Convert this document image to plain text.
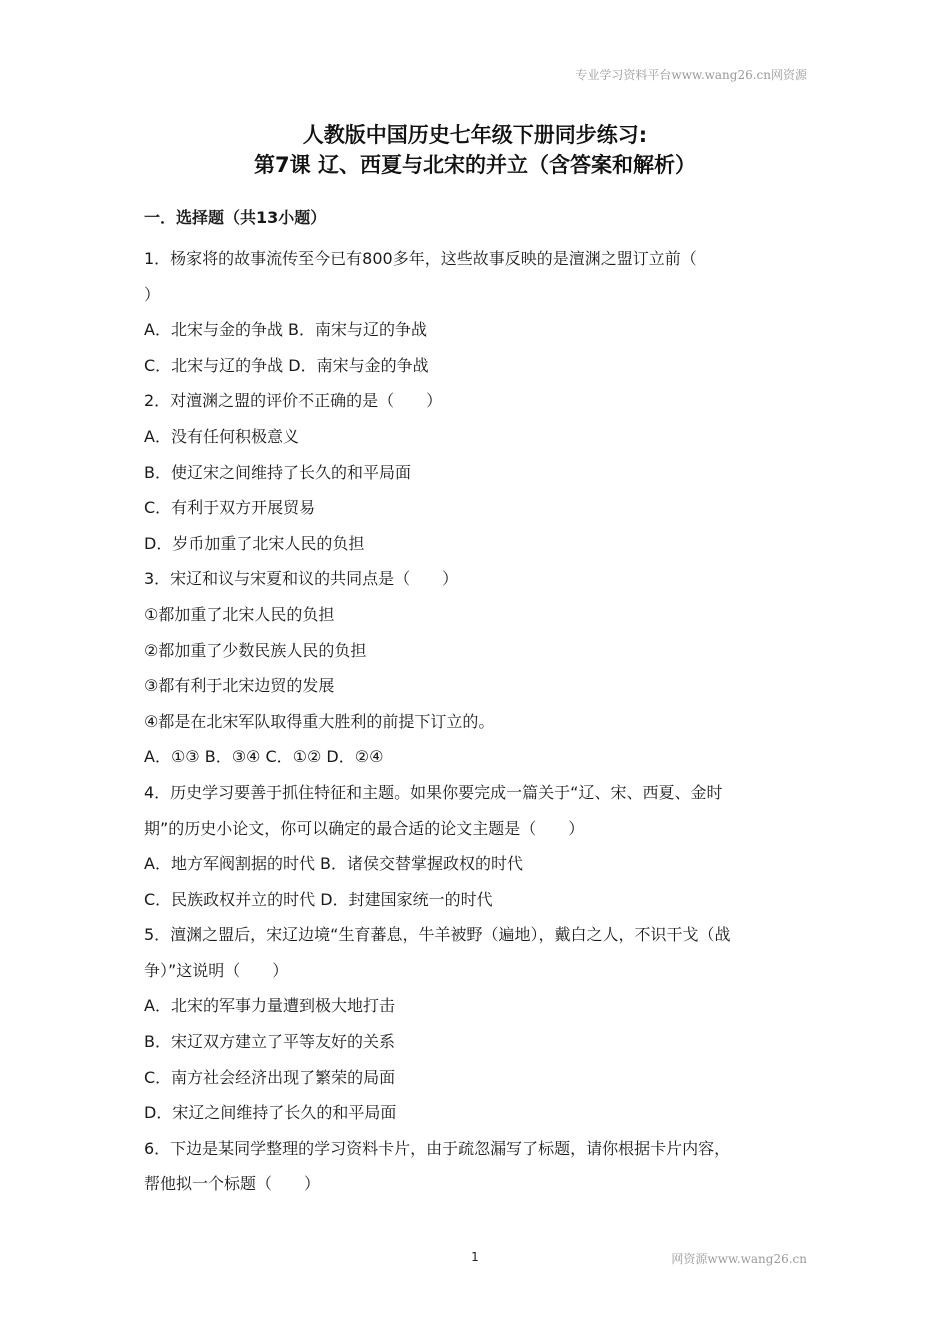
专业学习资料平台www.wang26.cn网资源
人教版中国历史七年级下册同步练习:
第7课 辽、西夏与北宋的并立（含答案和解析）
一．选择题（共13小题）
1．杨家将的故事流传至今已有800多年，这些故事反映的是澶渊之盟订立前（
）
A．北宋与金的争战 B．南宋与辽的争战
C．北宋与辽的争战 D．南宋与金的争战
2．对澶渊之盟的评价不正确的是（　　）
A．没有任何积极意义
B．使辽宋之间维持了长久的和平局面
C．有利于双方开展贸易
D．岁币加重了北宋人民的负担
3．宋辽和议与宋夏和议的共同点是（　　）
①都加重了北宋人民的负担
②都加重了少数民族人民的负担
③都有利于北宋边贸的发展
④都是在北宋军队取得重大胜利的前提下订立的。
A．①③ B．③④ C．①② D．②④
4．历史学习要善于抓住特征和主题。如果你要完成一篇关于“辽、宋、西夏、金时
期”的历史小论文，你可以确定的最合适的论文主题是（　　）
A．地方军阀割据的时代 B．诸侯交替掌握政权的时代
C．民族政权并立的时代 D．封建国家统一的时代
5．澶渊之盟后，宋辽边境“生育蕃息，牛羊被野（遍地），戴白之人，不识干戈（战
争）”这说明（　　）
A．北宋的军事力量遭到极大地打击
B．宋辽双方建立了平等友好的关系
C．南方社会经济出现了繁荣的局面
D．宋辽之间维持了长久的和平局面
6．下边是某同学整理的学习资料卡片，由于疏忽漏写了标题，请你根据卡片内容，
帮他拟一个标题（　　）
1	网资源www.wang26.cn
